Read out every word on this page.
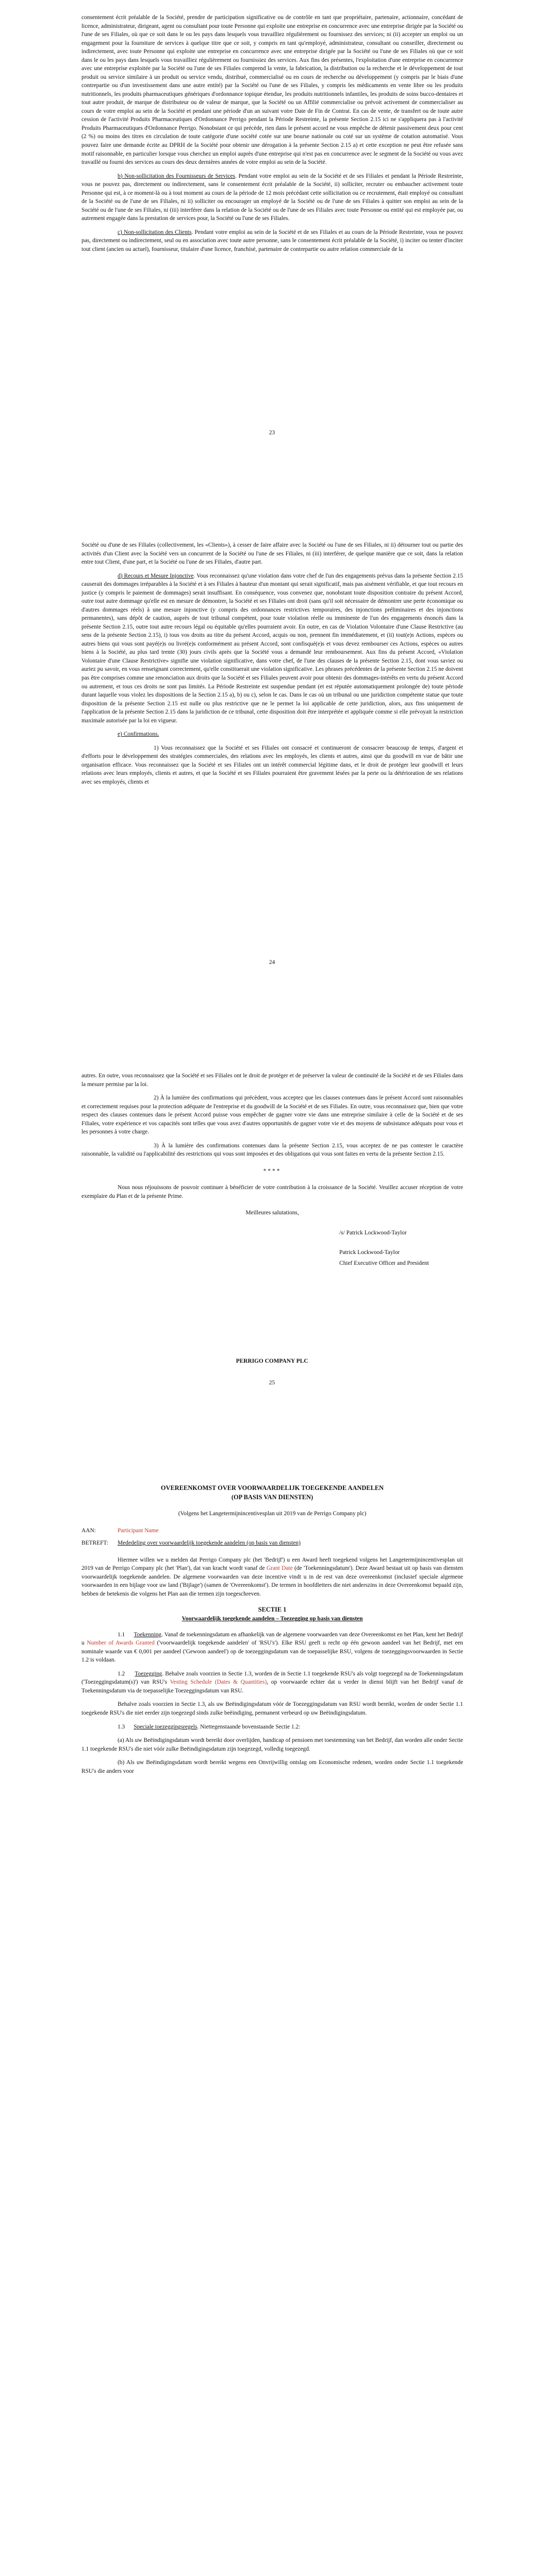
consentement écrit préalable de la Société, prendre de participation significative ou de contrôle en tant que propriétaire, partenaire, actionnaire, concédant de licence, administrateur, dirigeant, agent ou consultant pour toute Personne qui exploite une entreprise en concurrence avec une entreprise dirigée par la Société ou l'une de ses Filiales, où que ce soit dans le ou les pays dans lesquels vous travailliez régulièrement ou fournissez des services; ni (ii) accepter un emploi ou un engagement pour la fourniture de services à quelque titre que ce soit, y compris en tant qu'employé, administrateur, consultant ou conseiller, directement ou indirectement, avec toute Personne qui exploite une entreprise en concurrence avec une entreprise dirigée par la Société ou l'une de ses Filiales où que ce soit dans le ou les pays dans lesquels vous travailliez régulièrement ou fournissiez des services. Aux fins des présentes, l'exploitation d'une entreprise en concurrence avec une entreprise exploitée par la Société ou l'une de ses Filiales comprend la vente, la fabrication, la distribution ou la recherche et le développement de tout produit ou service similaire à un produit ou service vendu, distribué, commercialisé ou en cours de recherche ou développement (y compris par le biais d'une contrepartie ou d'un investissement dans une autre entité) par la Société ou l'une de ses Filiales, y compris les médicaments en vente libre ou les produits nutritionnels, les produits pharmaceutiques génériques d'ordonnance topique étendue, les produits nutritionnels infantiles, les produits de soins bucco-dentaires et tout autre produit, de marque de distributeur ou de valeur de marque, que la Société ou un Affilié commercialise ou prévoit activement de commercialiser au cours de votre emploi au sein de la Société et pendant une période d'un an suivant votre Date de Fin de Contrat. En cas de vente, de transfert ou de toute autre cession de l'activité Produits Pharmaceutiques d'Ordonnance Perrigo pendant la Période Restreinte, la présente Section 2.15 ici ne s'appliquera pas à l'activité Produits Pharmaceutiques d'Ordonnance Perrigo. Nonobstant ce qui précède, rien dans le présent accord ne vous empêche de détenir passivement deux pour cent (2 %) ou moins des titres en circulation de toute catégorie d'une société cotée sur une bourse nationale ou coté sur un système de cotation automatisé. Vous pouvez faire une demande écrite au DPRH de la Société pour obtenir une dérogation à la présente Section 2.15 a) et cette exception ne peut être refusée sans motif raisonnable, en particulier lorsque vous cherchez un emploi auprès d'une entreprise qui n'est pas en concurrence avec le segment de la Société ou vous avez travaillé ou fourni des services au cours des deux dernières années de votre emploi au sein de la Société.

b) Non-sollicitation des Fournisseurs de Services. Pendant votre emploi au sein de la Société et de ses Filiales et pendant la Période Restreinte, vous ne pouvez pas, directement ou indirectement, sans le consentement écrit préalable de la Société, ii) solliciter, recruter ou embaucher activement toute Personne qui est, à ce moment-là ou à tout moment au cours de la période de 12 mois précédant cette sollicitation ou ce recrutement, était employé ou consultant de la Société ou de l'une de ses Filiales, ni ii) solliciter ou encourager un employé de la Société ou de l'une de ses Filiales à quitter son emploi au sein de la Société ou de l'une de ses Filiales, ni (iii) interférer dans la relation de la Société ou de l'une de ses Filiales avec toute Personne ou entité qui est employée par, ou autrement engagée dans la prestation de services pour, la Société ou l'une de ses Filiales.

c) Non-sollicitation des Clients. Pendant votre emploi au sein de la Société et de ses Filiales et au cours de la Période Restreinte, vous ne pouvez pas, directement ou indirectement, seul ou en association avec toute autre personne, sans le consentement écrit préalable de la Société, i) inciter ou tenter d'inciter tout client (ancien ou actuel), fournisseur, titulaire d'une licence, franchisé, partenaire de contrepartie ou autre relation commerciale de la

23

Société ou d'une de ses Filiales (collectivement, les «Clients»), à cesser de faire affaire avec la Société ou l'une de ses Filiales, ni ii) détourner tout ou partie des activités d'un Client avec la Société vers un concurrent de la Société ou l'une de ses Filiales, ni (iii) interférer, de quelque manière que ce soit, dans la relation entre tout Client, d'une part, et la Société ou l'une de ses Filiales, d'autre part.

d) Recours et Mesure Injonctive. Vous reconnaissez qu'une violation dans votre chef de l'un des engagements prévus dans la présente Section 2.15 causerait des dommages irréparables à la Société et à ses Filiales à hauteur d'un montant qui serait significatif, mais pas aisément vérifiable, et que tout recours en justice (y compris le paiement de dommages) serait insuffisant. En conséquence, vous convenez que, nonobstant toute disposition contraire du présent Accord, outre tout autre dommage qu'elle est en mesure de démontrer, la Société et ses Filiales ont droit (sans qu'il soit nécessaire de démontrer une perte économique ou d'autres dommages réels) à une mesure injonctive (y compris des ordonnances restrictives temporaires, des injonctions préliminaires et des injonctions permanentes), sans dépôt de caution, auprès de tout tribunal compétent, pour toute violation réelle ou imminente de l'un des engagements énoncés dans la présente Section 2.15, outre tout autre recours légal ou équitable qu'elles pourraient avoir. En outre, en cas de Violation Volontaire d'une Clause Restrictive (au sens de la présente Section 2.15), i) tous vos droits au titre du présent Accord, acquis ou non, prennent fin immédiatement, et (ii) tout(e)s Actions, espèces ou autres biens qui vous sont payé(e)s ou livré(e)s conformément au présent Accord, sont confisqué(e)s et vous devez rembourser ces Actions, espèces ou autres biens à la Société, au plus tard trente (30) jours civils après que la Société vous a demandé leur remboursement. Aux fins du présent Accord, «Violation Volontaire d'une Clause Restrictive» signifie une violation significative, dans votre chef, de l'une des clauses de la présente Section 2.15, dont vous saviez ou auriez pu savoir, en vous renseignant correctement, qu'elle constituerait une violation significative. Les phrases précédentes de la présente Section 2.15 ne doivent pas être comprises comme une renonciation aux droits que la Société et ses Filiales peuvent avoir pour obtenir des dommages-intérêts en vertu du présent Accord ou autrement, et tous ces droits ne sont pas limités. La Période Restreinte est suspendue pendant (et est réputée automatiquement prolongée de) toute période durant laquelle vous violez les dispositions de la Section 2.15 a), b) ou c), selon le cas. Dans le cas où un tribunal ou une juridiction compétente statue que toute disposition de la présente Section 2.15 est nulle ou plus restrictive que ne le permet la loi applicable de cette juridiction, alors, aux fins uniquement de l'application de la présente Section 2.15 dans la juridiction de ce tribunal, cette disposition doit être interprétée et appliquée comme si elle prévoyait la restriction maximale autorisée par la loi en vigueur.

e) Confirmations.

1) Vous reconnaissez que la Société et ses Filiales ont consacré et continueront de consacrer beaucoup de temps, d'argent et d'efforts pour le développement des stratégies commerciales, des relations avec les employés, les clients et autres, ainsi que du goodwill en vue de bâtir une organisation efficace. Vous reconnaissez que la Société et ses Filiales ont un intérêt commercial légitime dans, et le droit de protéger leur goodwill et leurs relations avec leurs employés, clients et autres, et que la Société et ses Filiales pourraient être gravement lésées par la perte ou la détérioration de ses relations avec ses employés, clients et

24

autres. En outre, vous reconnaissez que la Société et ses Filiales ont le droit de protéger et de préserver la valeur de continuité de la Société et de ses Filiales dans la mesure permise par la loi.

2) À la lumière des confirmations qui précèdent, vous acceptez que les clauses contenues dans le présent Accord sont raisonnables et correctement requises pour la protection adéquate de l'entreprise et du goodwill de la Société et de ses Filiales. En outre, vous reconnaissez que, bien que votre respect des clauses contenues dans le présent Accord puisse vous empêcher de gagner votre vie dans une entreprise similaire à celle de la Société et de ses Filiales, votre expérience et vos capacités sont telles que vous avez d'autres opportunités de gagner votre vie et des moyens de subsistance adéquats pour vous et les personnes à votre charge.

3) À la lumière des confirmations contenues dans la présente Section 2.15, vous acceptez de ne pas contester le caractère raisonnable, la validité ou l'applicabilité des restrictions qui vous sont imposées et des obligations qui vous sont faites en vertu de la présente Section 2.15.

****

Nous nous réjouissons de pouvoir continuer à bénéficier de votre contribution à la croissance de la Société. Veuillez accuser réception de votre exemplaire du Plan et de la présente Prime.

Meilleures salutations,

/s/ Patrick Lockwood-Taylor

Patrick Lockwood-Taylor

Chief Executive Officer and President

PERRIGO COMPANY PLC
25

OVEREENKOMST OVER VOORWAARDELIJK TOEGEKENDE AANDELEN

(OP BASIS VAN DIENSTEN)

(Volgens het Langetermijnincentivesplan uit 2019 van de Perrigo Company plc)

AAN:	Participant Name
BETREFT:	Mededeling over voorwaardelijk toegekende aandelen (op basis van diensten)

Hiermee willen we u melden dat Perrigo Company plc (het 'Bedrijf') u een Award heeft toegekend volgens het Langetermijnincentivesplan uit 2019 van de Perrigo Company plc (het 'Plan'), dat van kracht wordt vanaf de Grant Date (de 'Toekenningsdatum'). Deze Award bestaat uit op basis van diensten voorwaardelijk toegekende aandelen. De algemene voorwaarden van deze incentive vindt u in de rest van deze overeenkomst (inclusief speciale algemene voorwaarden in een bijlage voor uw land ('Bijlage') (samen de 'Overeenkomst'). De termen in hoofdletters die niet anderszins in deze Overeenkomst bepaald zijn, hebben de betekenis die volgens het Plan aan die termen zijn toegeschreven.

SECTIE 1

Voorwaardelijk toegekende aandelen – Toezegging op basis van diensten

1.1 Toekenning. Vanaf de toekenningsdatum en afhankelijk van de algemene voorwaarden van deze Overeenkomst en het Plan, kent het Bedrijf u Number of Awards Granted ('voorwaardelijk toegekende aandelen' of 'RSU's'). Elke RSU geeft u recht op één gewoon aandeel van het Bedrijf, met een nominale waarde van € 0,001 per aandeel ('Gewoon aandeel') op de toezeggingsdatum van de toepasselijke RSU, volgens de toezeggingsvoorwaarden in Sectie 1.2 is voldaan.

1.2 Toezegging. Behalve zoals voorzien in Sectie 1.3, worden de in Sectie 1.1 toegekende RSU's als volgt toegezegd na de Toekenningsdatum ('Toezeggingsdatum(s)') van RSU's Vesting Schedule (Dates & Quantities), op voorwaarde echter dat u verder in dienst blijft van het Bedrijf vanaf de Toekenningsdatum via de toepasselijke Toezeggingsdatum van RSU.

Behalve zoals voorzien in Sectie 1.3, als uw Beëindigingsdatum vóór de Toezeggingsdatum van RSU wordt bereikt, worden de onder Sectie 1.1 toegekende RSU's die niet eerder zijn toegezegd sinds zulke beëindiging, permanent verbeurd op uw Beëindigingsdatum.

1.3 Speciale toezeggingsregels. Niettegenstaande bovenstaande Sectie 1.2:

(a) Als uw Beëindigingsdatum wordt bereikt door overlijden, handicap of pensioen met toestemming van het Bedrijf, dan worden alle onder Sectie 1.1 toegekende RSU's die niet vóór zulke Beëindigingsdatum zijn toegezegd, volledig toegezegd.

(b) Als uw Beëindigingsdatum wordt bereikt wegens een Onvrijwillig ontslag om Economische redenen, worden onder Sectie 1.1 toegekende RSU's die anders voor
